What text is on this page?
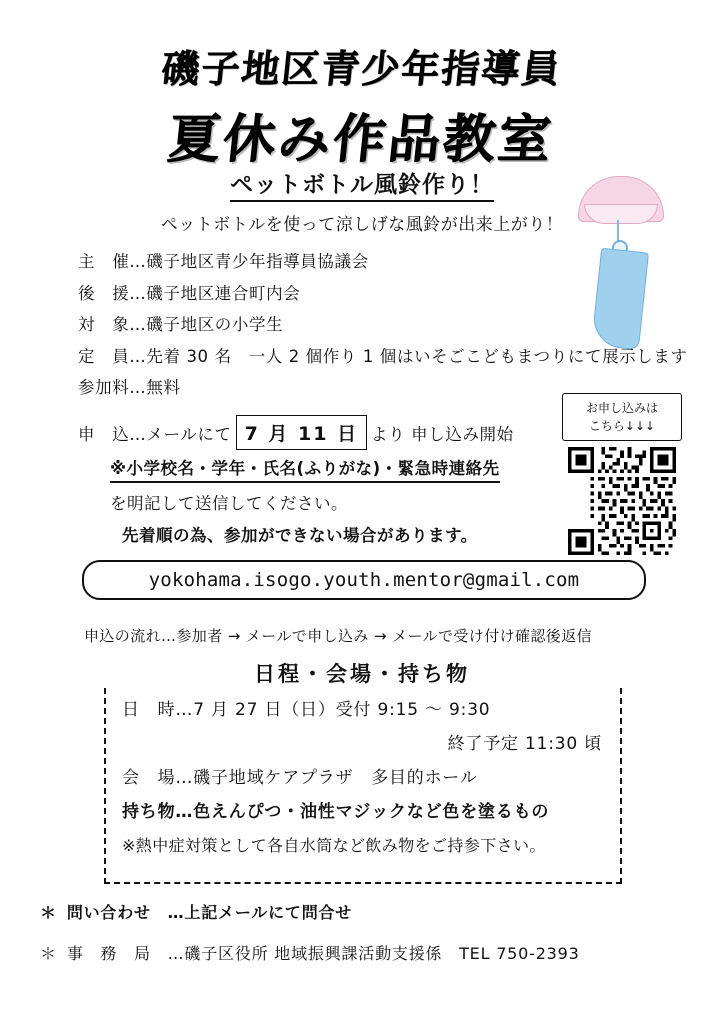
磯子地区青少年指導員
夏休み作品教室
ペットボトル風鈴作り！
ペットボトルを使って涼しげな風鈴が出来上がり！
主　催… 磯子地区青少年指導員協議会
後　援… 磯子地区連合町内会
対　象… 磯子地区の小学生
定　員… 先着 30 名　一人 2 個作り 1 個はいそごこどもまつりにて展示します
参加料… 無料
申　込… メールにて 7 月 11 日 より 申し込み開始
※小学校名・学年・氏名(ふりがな)・緊急時連絡先
を明記して送信してください。
先着順の為、参加ができない場合があります。
お申し込みは
こちら↓↓↓
yokohama.isogo.youth.mentor@gmail.com
申込の流れ…参加者 → メールで申し込み → メールで受け付け確認後返信
日程・会場・持ち物
日　時… 7 月 27 日（日）受付 9:15 ～ 9:30
終了予定 11:30 頃
会　場… 磯子地域ケアプラザ　多目的ホール
持ち物… 色えんぴつ・油性マジックなど色を塗るもの
※熱中症対策として各自水筒など飲み物をご持参下さい。
＊ 問い合わせ　… 上記メールにて問合せ
＊ 事　務　局　… 磯子区役所 地域振興課活動支援係　TEL 750-2393
